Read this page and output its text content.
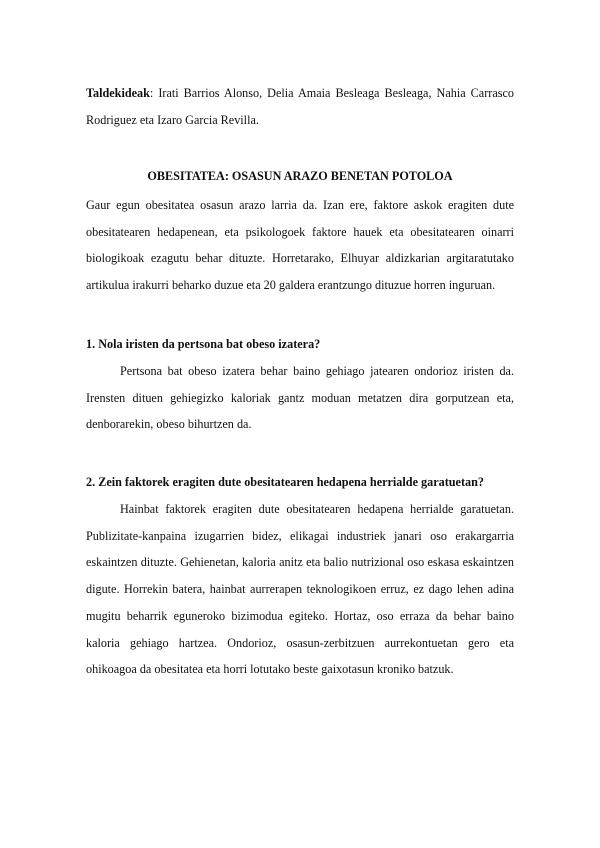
Taldekideak: Irati Barrios Alonso, Delia Amaia Besleaga Besleaga, Nahia Carrasco Rodriguez eta Izaro Garcia Revilla.

OBESITATEA: OSASUN ARAZO BENETAN POTOLOA

Gaur egun obesitatea osasun arazo larria da. Izan ere, faktore askok eragiten dute obesitatearen hedapenean, eta psikologoek faktore hauek eta obesitatearen oinarri biologikoak ezagutu behar dituzte. Horretarako, Elhuyar aldizkarian argitaratutako artikulua irakurri beharko duzue eta 20 galdera erantzungo dituzue horren inguruan.

1. Nola iristen da pertsona bat obeso izatera?

Pertsona bat obeso izatera behar baino gehiago jatearen ondorioz iristen da. Irensten dituen gehiegizko kaloriak gantz moduan metatzen dira gorputzean eta, denborarekin, obeso bihurtzen da.

2. Zein faktorek eragiten dute obesitatearen hedapena herrialde garatuetan?

Hainbat faktorek eragiten dute obesitatearen hedapena herrialde garatuetan. Publizitate-kanpaina izugarrien bidez, elikagai industriek janari oso erakargarria eskaintzen dituzte. Gehienetan, kaloria anitz eta balio nutrizional oso eskasa eskaintzen digute. Horrekin batera, hainbat aurrerapen teknologikoen erruz, ez dago lehen adina mugitu beharrik eguneroko bizimodua egiteko. Hortaz, oso erraza da behar baino kaloria gehiago hartzea. Ondorioz, osasun-zerbitzuen aurrekontuetan gero eta ohikoagoa da obesitatea eta horri lotutako beste gaixotasun kroniko batzuk.
